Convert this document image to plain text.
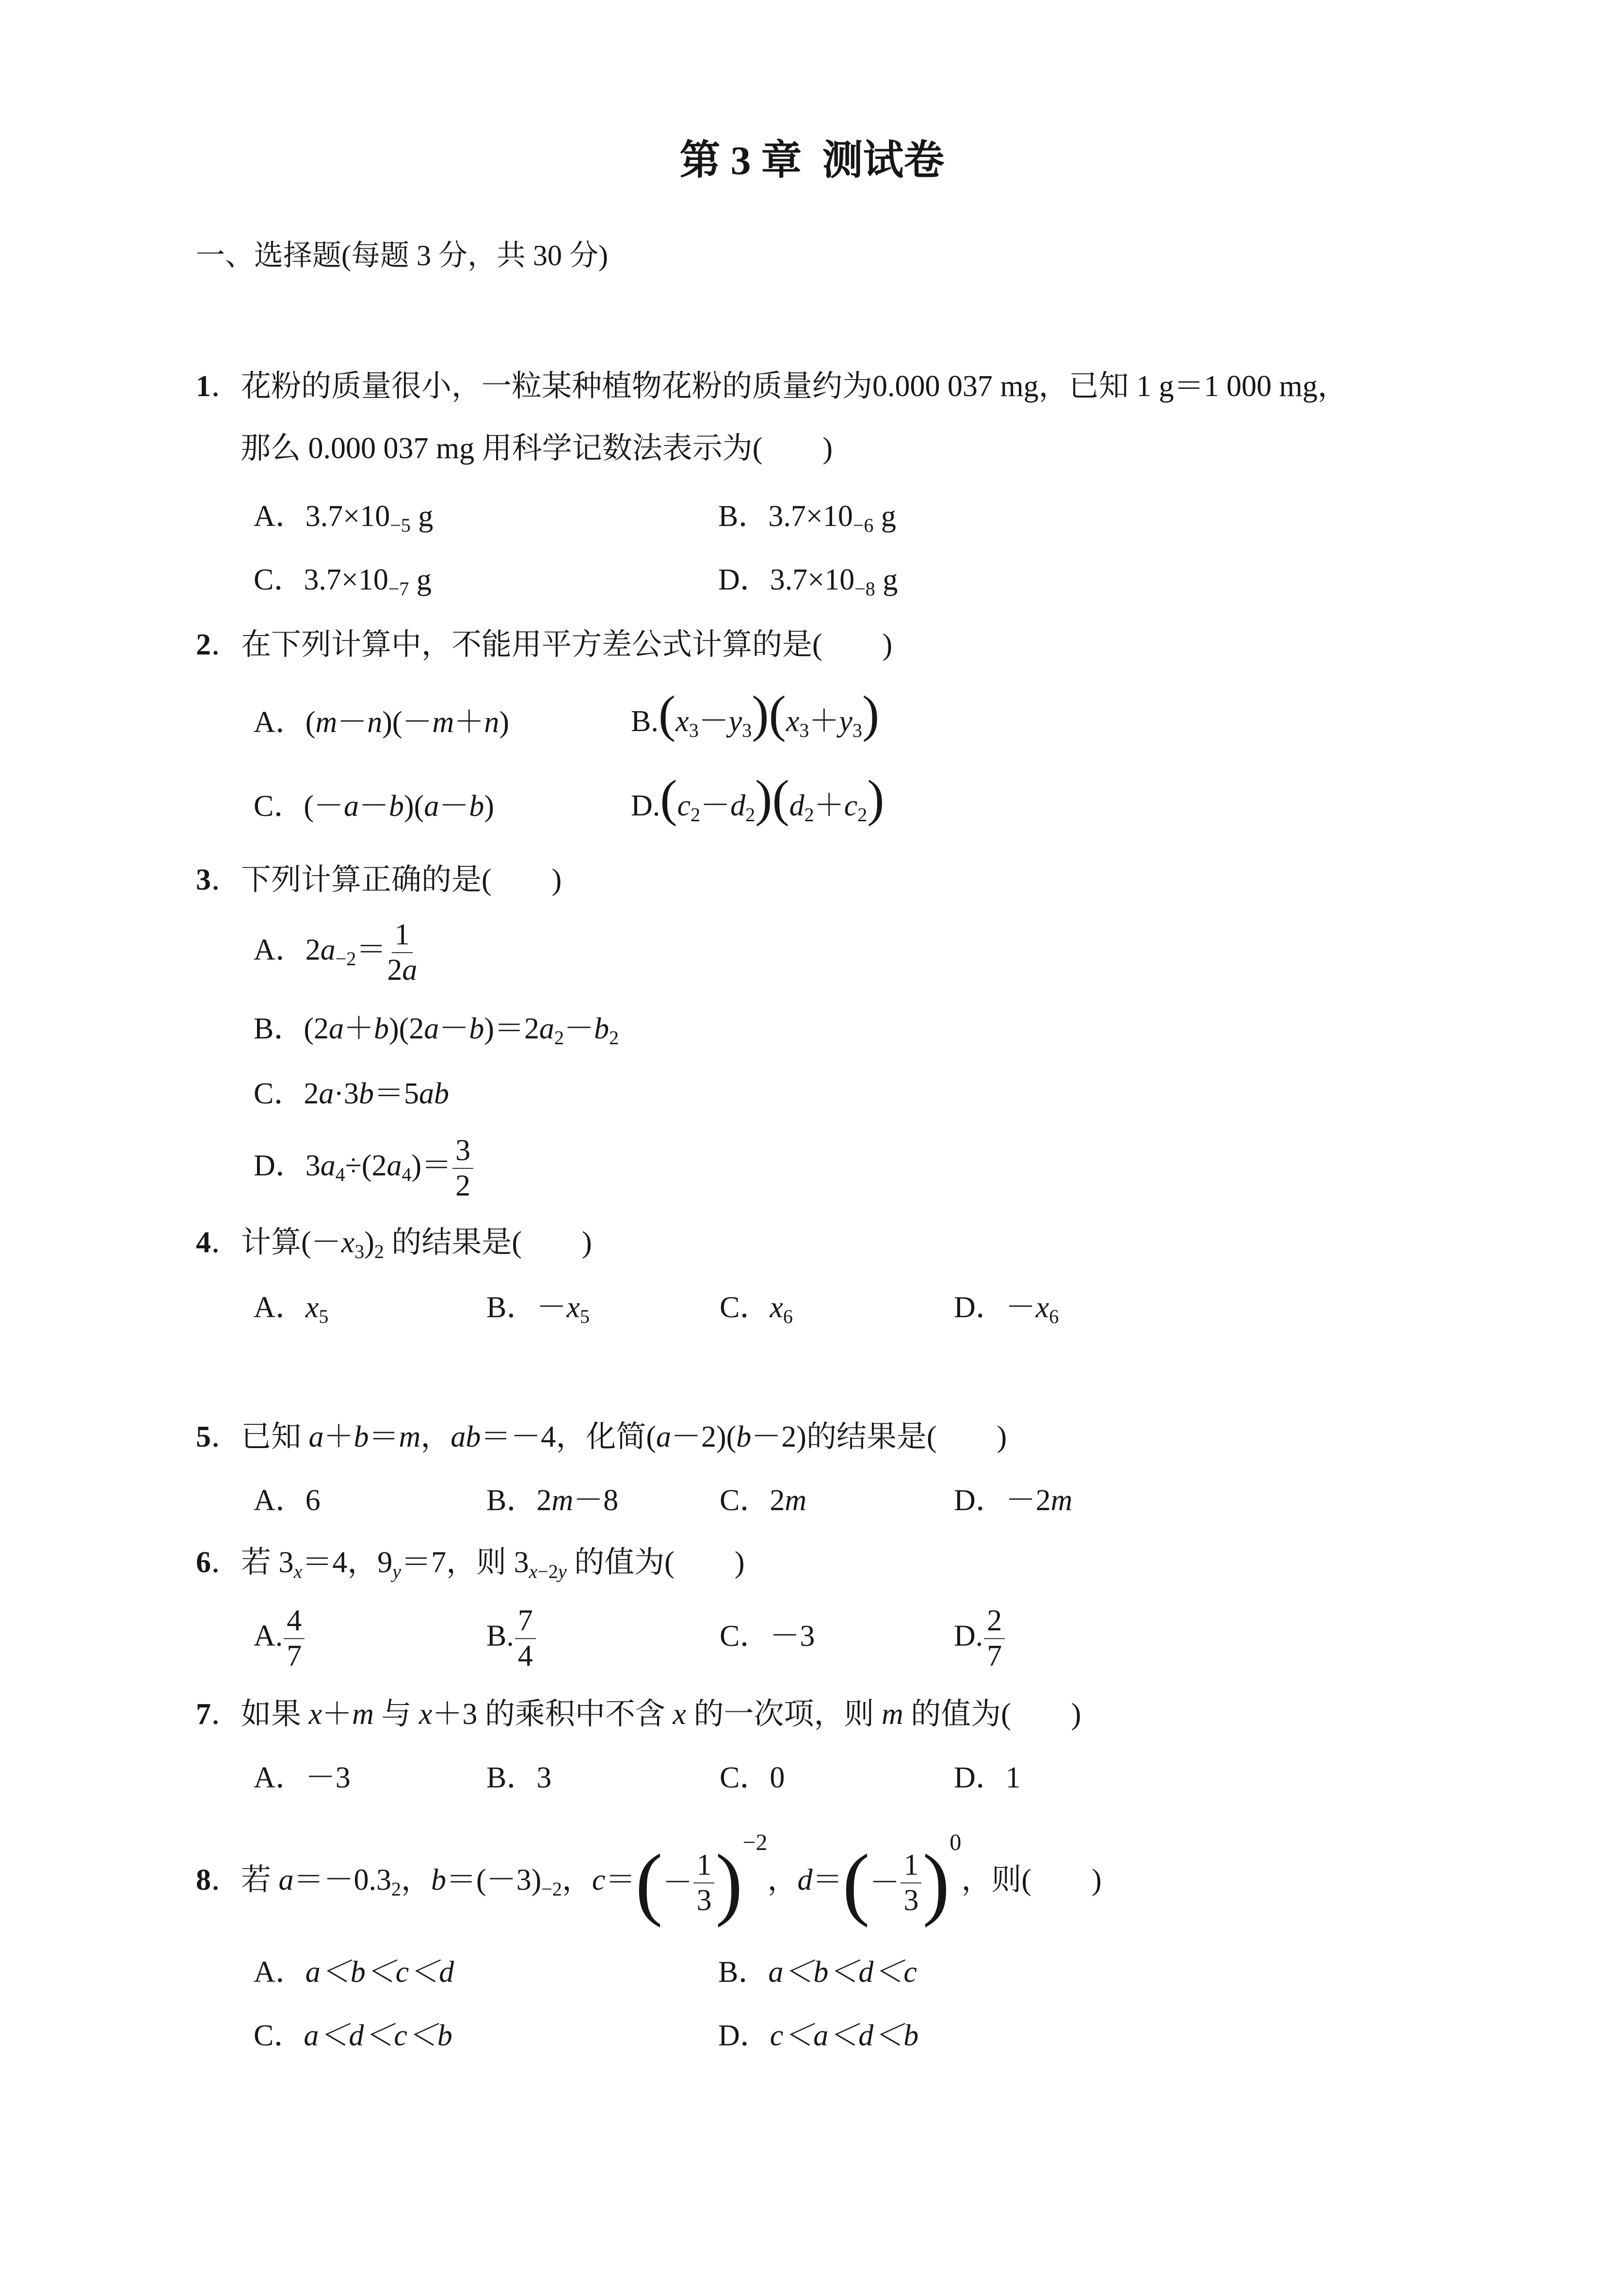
第 3 章  测试卷
一、选择题(每题 3 分，共 30 分)
1．花粉的质量很小，一粒某种植物花粉的质量约为0.000 037 mg，已知 1 g＝1 000 mg，
那么 0.000 037 mg 用科学记数法表示为(　　)
A．3.7×10−5 g	B．3.7×10−6 g
C．3.7×10−7 g	D．3.7×10−8 g
2．在下列计算中，不能用平方差公式计算的是(　　)
A．(m－n)(－m＋n)	B.(x3－y3)(x3＋y3)
C．(－a－b)(a－b)	D.(c2－d2)(d2＋c2)
3．下列计算正确的是(　　)
A．$2a-2= \frac{1}{2a}$
B．(2a＋b)(2a－b)＝2a2－b2
C．2a·3b＝5ab
D．$3a4\div(2a4)= \frac{3}{2}$
4．计算(－x3)2 的结果是(　　)
A．x5	B．－x5	C．x6	D．－x6
5．已知 a＋b＝m，ab＝－4，化简(a－2)(b－2)的结果是(　　)
A．6	B．2m－8	C．2m	D．－2m
6．若 3x＝4，9y＝7，则 3x−2y 的值为(　　)
A. $\frac{4}{7}$	B. $\frac{7}{4}$	C．－3	D. $\frac{2}{7}$
7．如果 x＋m 与 x＋3 的乘积中不含 x 的一次项，则 m 的值为(　　)
A．－3	B．3	C．0	D．1
8．若 a＝－0.32，b＝(－3)−2，c＝ ( － $\frac{1}{3}$ ) $^{-2}$，d＝ ( － $\frac{1}{3}$ ) $^0$，则(　　)
A．a＜b＜c＜d	B．a＜b＜d＜c
C．a＜d＜c＜b	D．c＜a＜d＜b
